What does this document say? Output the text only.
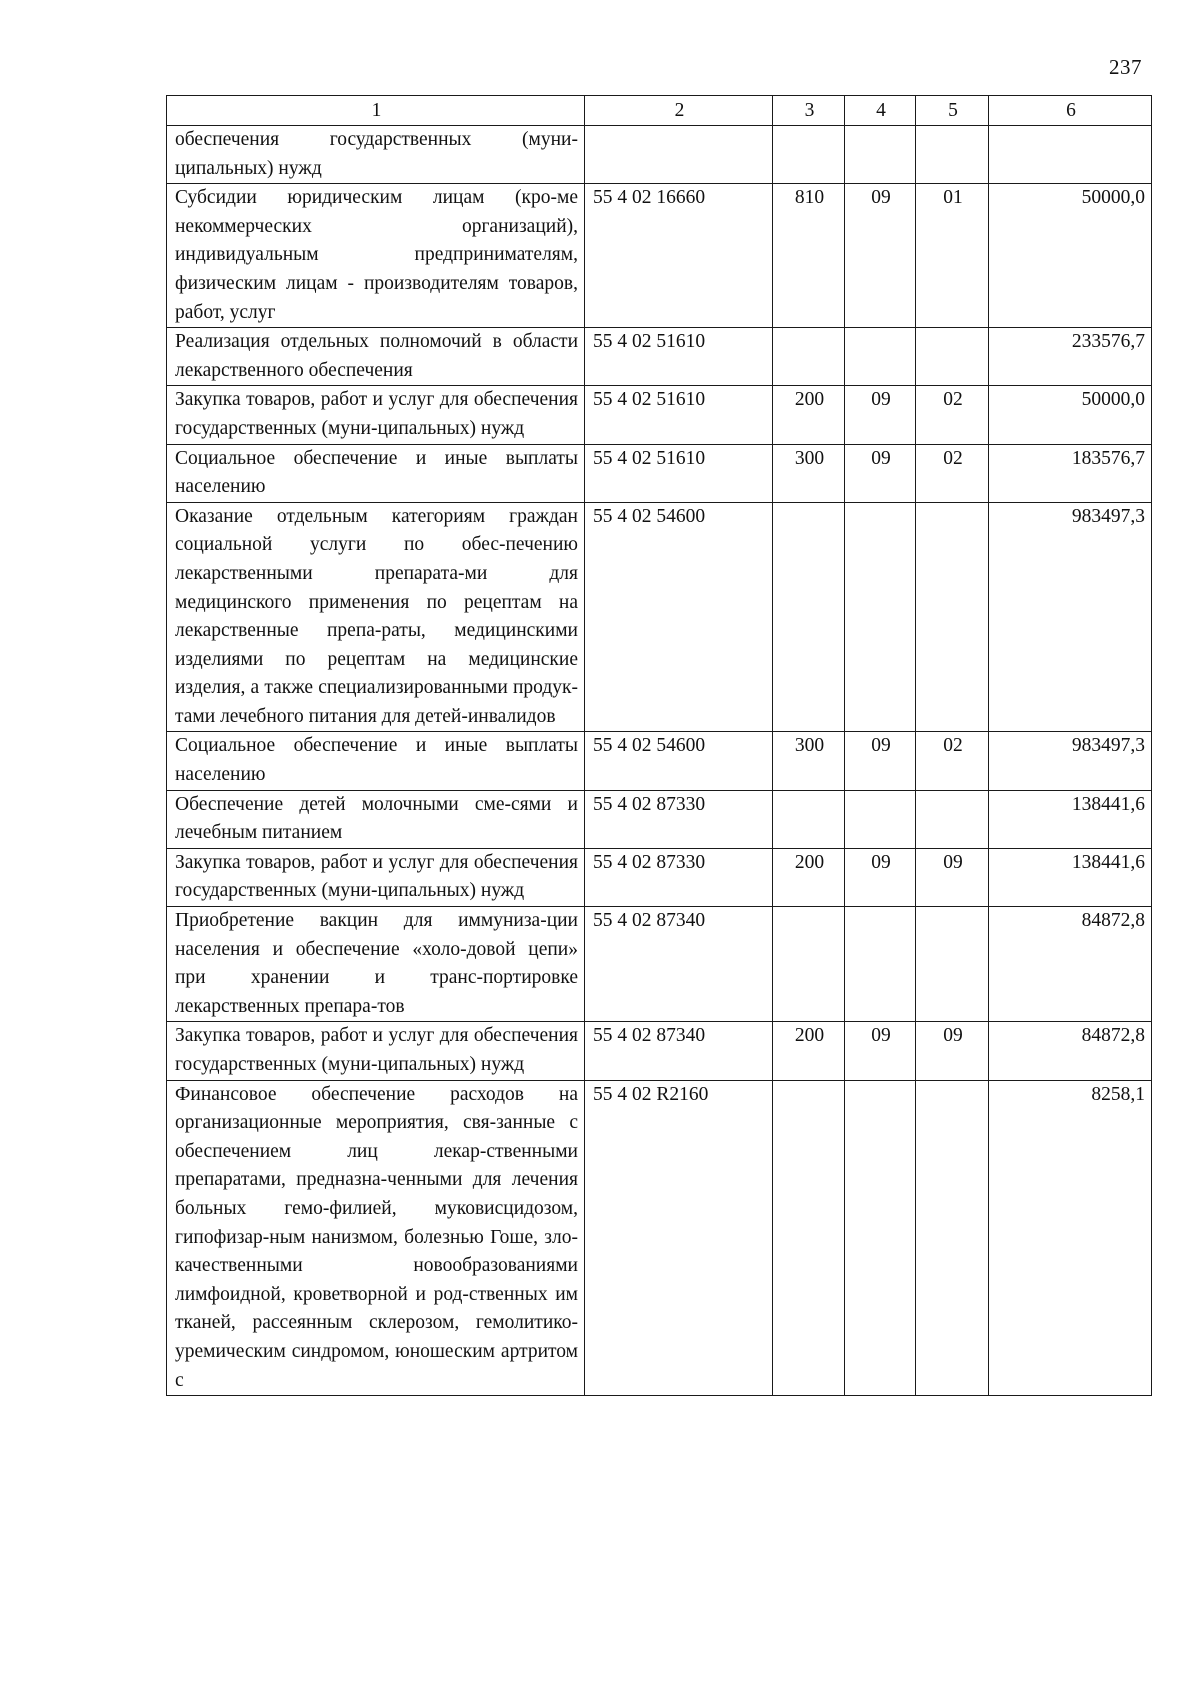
237
1	2	3	4	5	6
обеспечения государственных (муни-ципальных) нужд					
Субсидии юридическим лицам (кро-ме некоммерческих организаций), индивидуальным предпринимателям, физическим лицам - производителям товаров, работ, услуг	55 4 02 16660	810	09	01	50000,0
Реализация отдельных полномочий в области лекарственного обеспечения	55 4 02 51610				233576,7
Закупка товаров, работ и услуг для обеспечения государственных (муни-ципальных) нужд	55 4 02 51610	200	09	02	50000,0
Социальное обеспечение и иные выплаты населению	55 4 02 51610	300	09	02	183576,7
Оказание отдельным категориям граждан социальной услуги по обес-печению лекарственными препарата-ми для медицинского применения по рецептам на лекарственные препа-раты, медицинскими изделиями по рецептам на медицинские изделия, а также специализированными продук-тами лечебного питания для детей-инвалидов	55 4 02 54600				983497,3
Социальное обеспечение и иные выплаты населению	55 4 02 54600	300	09	02	983497,3
Обеспечение детей молочными сме-сями и лечебным питанием	55 4 02 87330				138441,6
Закупка товаров, работ и услуг для обеспечения государственных (муни-ципальных) нужд	55 4 02 87330	200	09	09	138441,6
Приобретение вакцин для иммуниза-ции населения и обеспечение «холо-довой цепи» при хранении и транс-портировке лекарственных препара-тов	55 4 02 87340				84872,8
Закупка товаров, работ и услуг для обеспечения государственных (муни-ципальных) нужд	55 4 02 87340	200	09	09	84872,8
Финансовое обеспечение расходов на организационные мероприятия, свя-занные с обеспечением лиц лекар-ственными препаратами, предназна-ченными для лечения больных гемо-филией, муковисцидозом, гипофизар-ным нанизмом, болезнью Гоше, зло-качественными новообразованиями лимфоидной, кроветворной и род-ственных им тканей, рассеянным склерозом, гемолитико-уремическим синдромом, юношеским артритом с	55 4 02 R2160				8258,1
